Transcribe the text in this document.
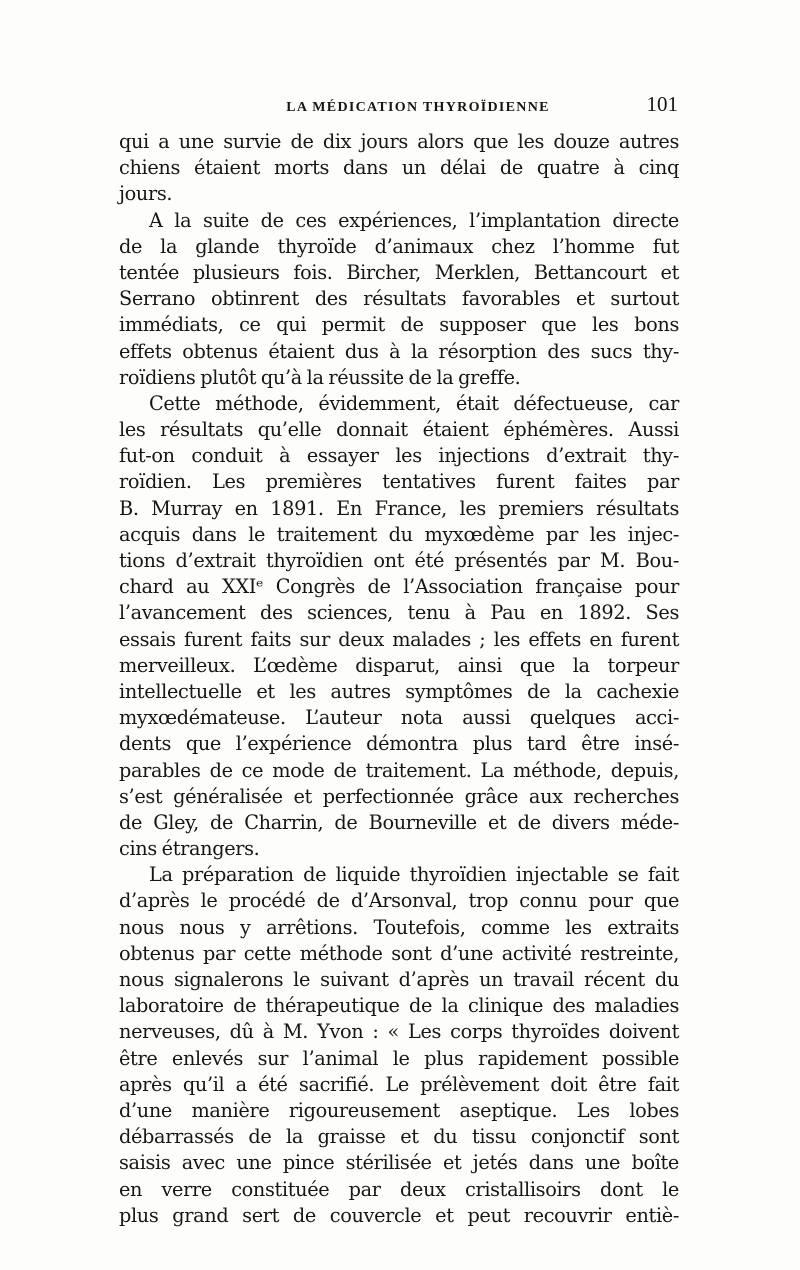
LA MÉDICATION THYROÏDIENNE	101
qui a une survie de dix jours alors que les douze autres
chiens étaient morts dans un délai de quatre à cinq
jours.
A la suite de ces expériences, l’implantation directe
de la glande thyroïde d’animaux chez l’homme fut
tentée plusieurs fois. Bircher, Merklen, Bettancourt et
Serrano obtinrent des résultats favorables et surtout
immédiats, ce qui permit de supposer que les bons
effets obtenus étaient dus à la résorption des sucs thy-
roïdiens plutôt qu’à la réussite de la greffe.
Cette méthode, évidemment, était défectueuse, car
les résultats qu’elle donnait étaient éphémères. Aussi
fut-on conduit à essayer les injections d’extrait thy-
roïdien. Les premières tentatives furent faites par
B. Murray en 1891. En France, les premiers résultats
acquis dans le traitement du myxœdème par les injec-
tions d’extrait thyroïdien ont été présentés par M. Bou-
chard au XXIᵉ Congrès de l’Association française pour
l’avancement des sciences, tenu à Pau en 1892. Ses
essais furent faits sur deux malades ; les effets en furent
merveilleux. L’œdème disparut, ainsi que la torpeur
intellectuelle et les autres symptômes de la cachexie
myxœdémateuse. L’auteur nota aussi quelques acci-
dents que l’expérience démontra plus tard être insé-
parables de ce mode de traitement. La méthode, depuis,
s’est généralisée et perfectionnée grâce aux recherches
de Gley, de Charrin, de Bourneville et de divers méde-
cins étrangers.
La préparation de liquide thyroïdien injectable se fait
d’après le procédé de d’Arsonval, trop connu pour que
nous nous y arrêtions. Toutefois, comme les extraits
obtenus par cette méthode sont d’une activité restreinte,
nous signalerons le suivant d’après un travail récent du
laboratoire de thérapeutique de la clinique des maladies
nerveuses, dû à M. Yvon : « Les corps thyroïdes doivent
être enlevés sur l’animal le plus rapidement possible
après qu’il a été sacrifié. Le prélèvement doit être fait
d’une manière rigoureusement aseptique. Les lobes
débarrassés de la graisse et du tissu conjonctif sont
saisis avec une pince stérilisée et jetés dans une boîte
en verre constituée par deux cristallisoirs dont le
plus grand sert de couvercle et peut recouvrir entiè-
